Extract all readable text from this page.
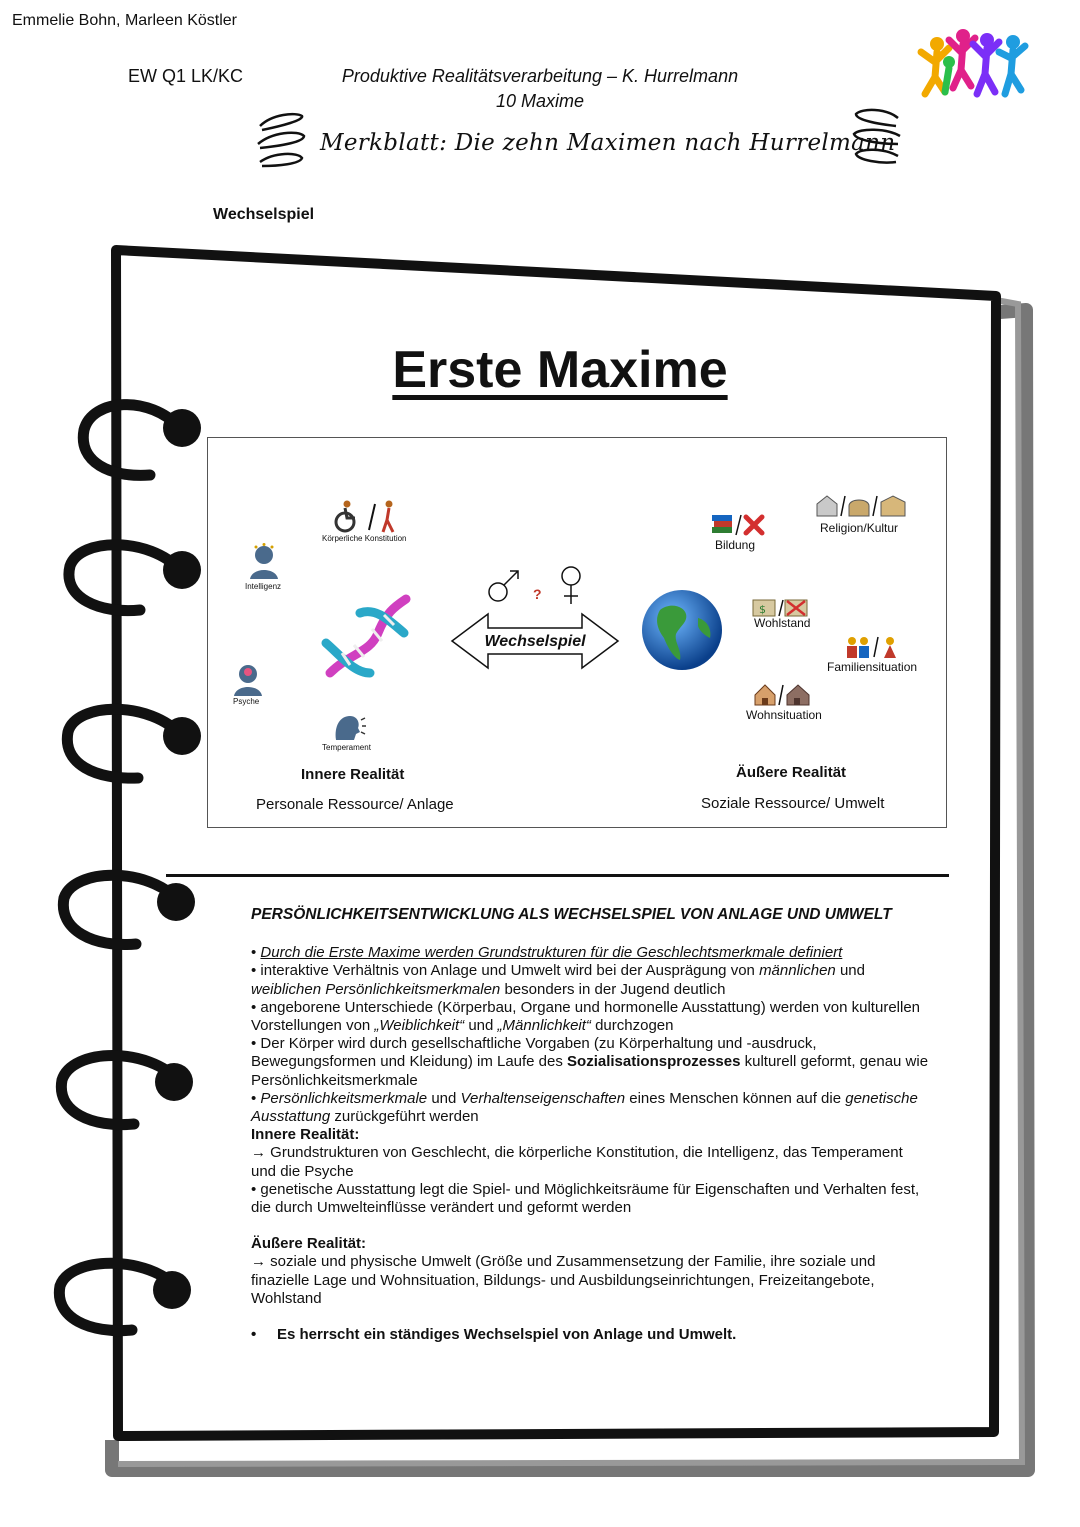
Emmelie Bohn, Marleen Köstler
EW Q1 LK/KC	Produktive Realitätsverarbeitung – K. Hurrelmann
10 Maxime
Merkblatt: Die zehn Maximen nach Hurrelmann
Wechselspiel
Erste Maxime
Körperliche Konstitution
Intelligenz
Psyche
Temperament
Innere Realität
Personale Ressource/ Anlage
?
Wechselspiel
Bildung
Religion/Kultur
$
Wohlstand
Familiensituation
Wohnsituation
Äußere Realität
Soziale Ressource/ Umwelt
PERSÖNLICHKEITSENTWICKLUNG ALS WECHSELSPIEL VON ANLAGE UND UMWELT

• Durch die Erste Maxime werden Grundstrukturen für die Geschlechtsmerkmale definiert

• interaktive Verhältnis von Anlage und Umwelt wird bei der Ausprägung von männlichen und weiblichen Persönlichkeitsmerkmalen besonders in der Jugend deutlich

• angeborene Unterschiede (Körperbau, Organe und hormonelle Ausstattung) werden von kulturellen Vorstellungen von „Weiblichkeit“ und „Männlichkeit“ durchzogen

• Der Körper wird durch gesellschaftliche Vorgaben (zu Körperhaltung und -ausdruck, Bewegungsformen und Kleidung) im Laufe des Sozialisationsprozesses kulturell geformt, genau wie Persönlichkeitsmerkmale

• Persönlichkeitsmerkmale und Verhaltenseigenschaften eines Menschen können auf die genetische Ausstattung zurückgeführt werden

Innere Realität:

→ Grundstrukturen von Geschlecht, die körperliche Konstitution, die Intelligenz, das Temperament und die Psyche

• genetische Ausstattung legt die Spiel- und Möglichkeitsräume für Eigenschaften und Verhalten fest, die durch Umwelteinflüsse verändert und geformt werden

Äußere Realität:

→ soziale und physische Umwelt (Größe und Zusammensetzung der Familie, ihre soziale und finazielle Lage und Wohnsituation, Bildungs- und Ausbildungseinrichtungen, Freizeitangebote, Wohlstand

•	Es herrscht ein ständiges Wechselspiel von Anlage und Umwelt.
